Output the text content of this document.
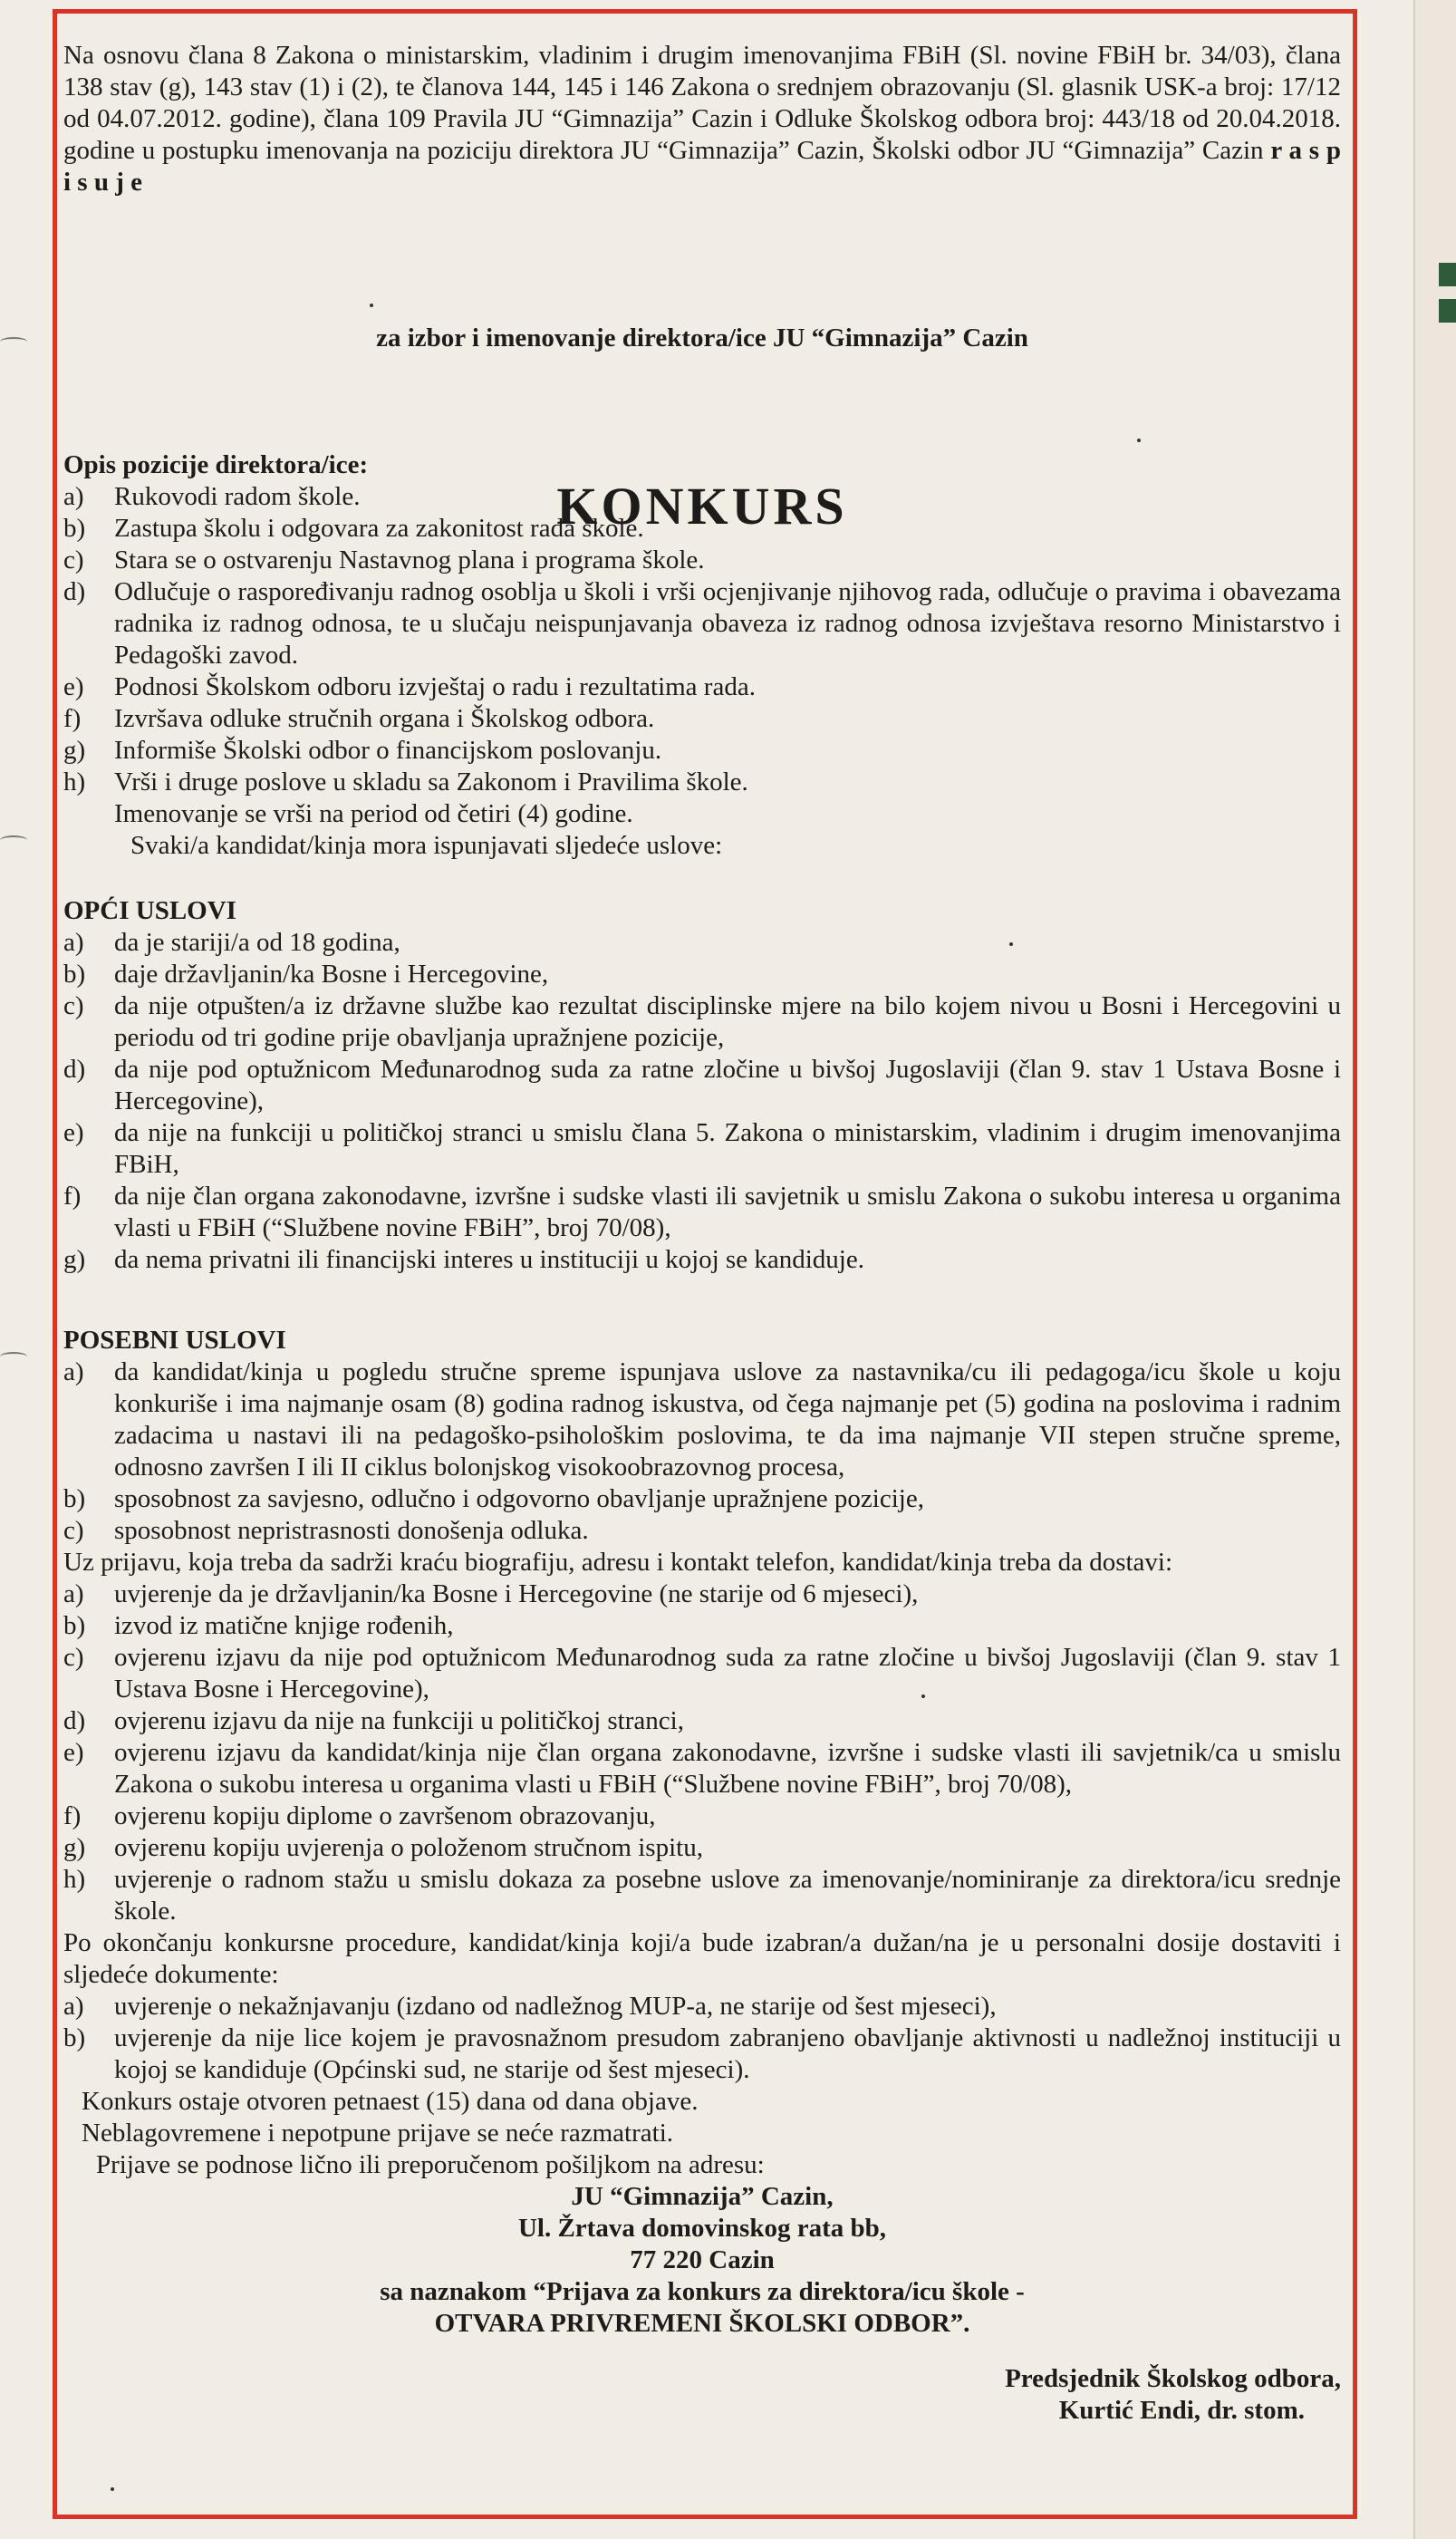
Na osnovu člana 8 Zakona o ministarskim, vladinim i drugim imenovanjima FBiH (Sl. novine FBiH br. 34/03), člana 138 stav (g), 143 stav (1) i (2), te članova 144, 145 i 146 Zakona o srednjem obrazovanju (Sl. glasnik USK-a broj: 17/12 od 04.07.2012. godine), člana 109 Pravila JU “Gimnazija” Cazin i Odluke Školskog odbora broj: 443/18 od 20.04.2018. godine u postupku imenovanja na poziciju direktora JU “Gimnazija” Cazin, Školski odbor JU “Gimnazija” Cazin r a s p i s u j e

KONKURS
za izbor i imenovanje direktora/ice JU “Gimnazija” Cazin

Opis pozicije direktora/ice:

a)	Rukovodi radom škole.
b)	Zastupa školu i odgovara za zakonitost rada škole.
c)	Stara se o ostvarenju Nastavnog plana i programa škole.
d)	Odlučuje o raspoređivanju radnog osoblja u školi i vrši ocjenjivanje njihovog rada, odlučuje o pravima i obavezama radnika iz radnog odnosa, te u slučaju neispunjavanja obaveza iz radnog odnosa izvještava resorno Ministarstvo i Pedagoški zavod.
e)	Podnosi Školskom odboru izvještaj o radu i rezultatima rada.
f)	Izvršava odluke stručnih organa i Školskog odbora.
g)	Informiše Školski odbor o financijskom poslovanju.
h)	Vrši i druge poslove u skladu sa Zakonom i Pravilima škole.

Imenovanje se vrši na period od četiri (4) godine.

Svaki/a kandidat/kinja mora ispunjavati sljedeće uslove:

OPĆI USLOVI

a)	da je stariji/a od 18 godina,
b)	daje državljanin/ka Bosne i Hercegovine,
c)	da nije otpušten/a iz državne službe kao rezultat disciplinske mjere na bilo kojem nivou u Bosni i Hercegovini u periodu od tri godine prije obavljanja upražnjene pozicije,
d)	da nije pod optužnicom Međunarodnog suda za ratne zločine u bivšoj Jugoslaviji (član 9. stav 1 Ustava Bosne i Hercegovine),
e)	da nije na funkciji u političkoj stranci u smislu člana 5. Zakona o ministarskim, vladinim i drugim imenovanjima FBiH,
f)	da nije član organa zakonodavne, izvršne i sudske vlasti ili savjetnik u smislu Zakona o sukobu interesa u organima vlasti u FBiH (“Službene novine FBiH”, broj 70/08),
g)	da nema privatni ili financijski interes u instituciji u kojoj se kandiduje.

POSEBNI USLOVI

a)	da kandidat/kinja u pogledu stručne spreme ispunjava uslove za nastavnika/cu ili pedagoga/icu škole u koju konkuriše i ima najmanje osam (8) godina radnog iskustva, od čega najmanje pet (5) godina na poslovima i radnim zadacima u nastavi ili na pedagoško-psihološkim poslovima, te da ima najmanje VII stepen stručne spreme, odnosno završen I ili II ciklus bolonjskog visokoobrazovnog procesa,
b)	sposobnost za savjesno, odlučno i odgovorno obavljanje upražnjene pozicije,
c)	sposobnost nepristrasnosti donošenja odluka.

Uz prijavu, koja treba da sadrži kraću biografiju, adresu i kontakt telefon, kandidat/kinja treba da dostavi:

a)	uvjerenje da je državljanin/ka Bosne i Hercegovine (ne starije od 6 mjeseci),
b)	izvod iz matične knjige rođenih,
c)	ovjerenu izjavu da nije pod optužnicom Međunarodnog suda za ratne zločine u bivšoj Jugoslaviji (član 9. stav 1 Ustava Bosne i Hercegovine),
d)	ovjerenu izjavu da nije na funkciji u političkoj stranci,
e)	ovjerenu izjavu da kandidat/kinja nije član organa zakonodavne, izvršne i sudske vlasti ili savjetnik/ca u smislu Zakona o sukobu interesa u organima vlasti u FBiH (“Službene novine FBiH”, broj 70/08),
f)	ovjerenu kopiju diplome o završenom obrazovanju,
g)	ovjerenu kopiju uvjerenja o položenom stručnom ispitu,
h)	uvjerenje o radnom stažu u smislu dokaza za posebne uslove za imenovanje/nominiranje za direktora/icu srednje škole.

Po okončanju konkursne procedure, kandidat/kinja koji/a bude izabran/a dužan/na je u personalni dosije dostaviti i sljedeće dokumente:

a)	uvjerenje o nekažnjavanju (izdano od nadležnog MUP-a, ne starije od šest mjeseci),
b)	uvjerenje da nije lice kojem je pravosnažnom presudom zabranjeno obavljanje aktivnosti u nadležnoj instituciji u kojoj se kandiduje (Općinski sud, ne starije od šest mjeseci).

Konkurs ostaje otvoren petnaest (15) dana od dana objave.

Neblagovremene i nepotpune prijave se neće razmatrati.

Prijave se podnose lično ili preporučenom pošiljkom na adresu:

JU “Gimnazija” Cazin,
Ul. Žrtava domovinskog rata bb,
77 220 Cazin
sa naznakom “Prijava za konkurs za direktora/icu škole -
OTVARA PRIVREMENI ŠKOLSKI ODBOR”.
Predsjednik Školskog odbora,
Kurtić Endi, dr. stom.
